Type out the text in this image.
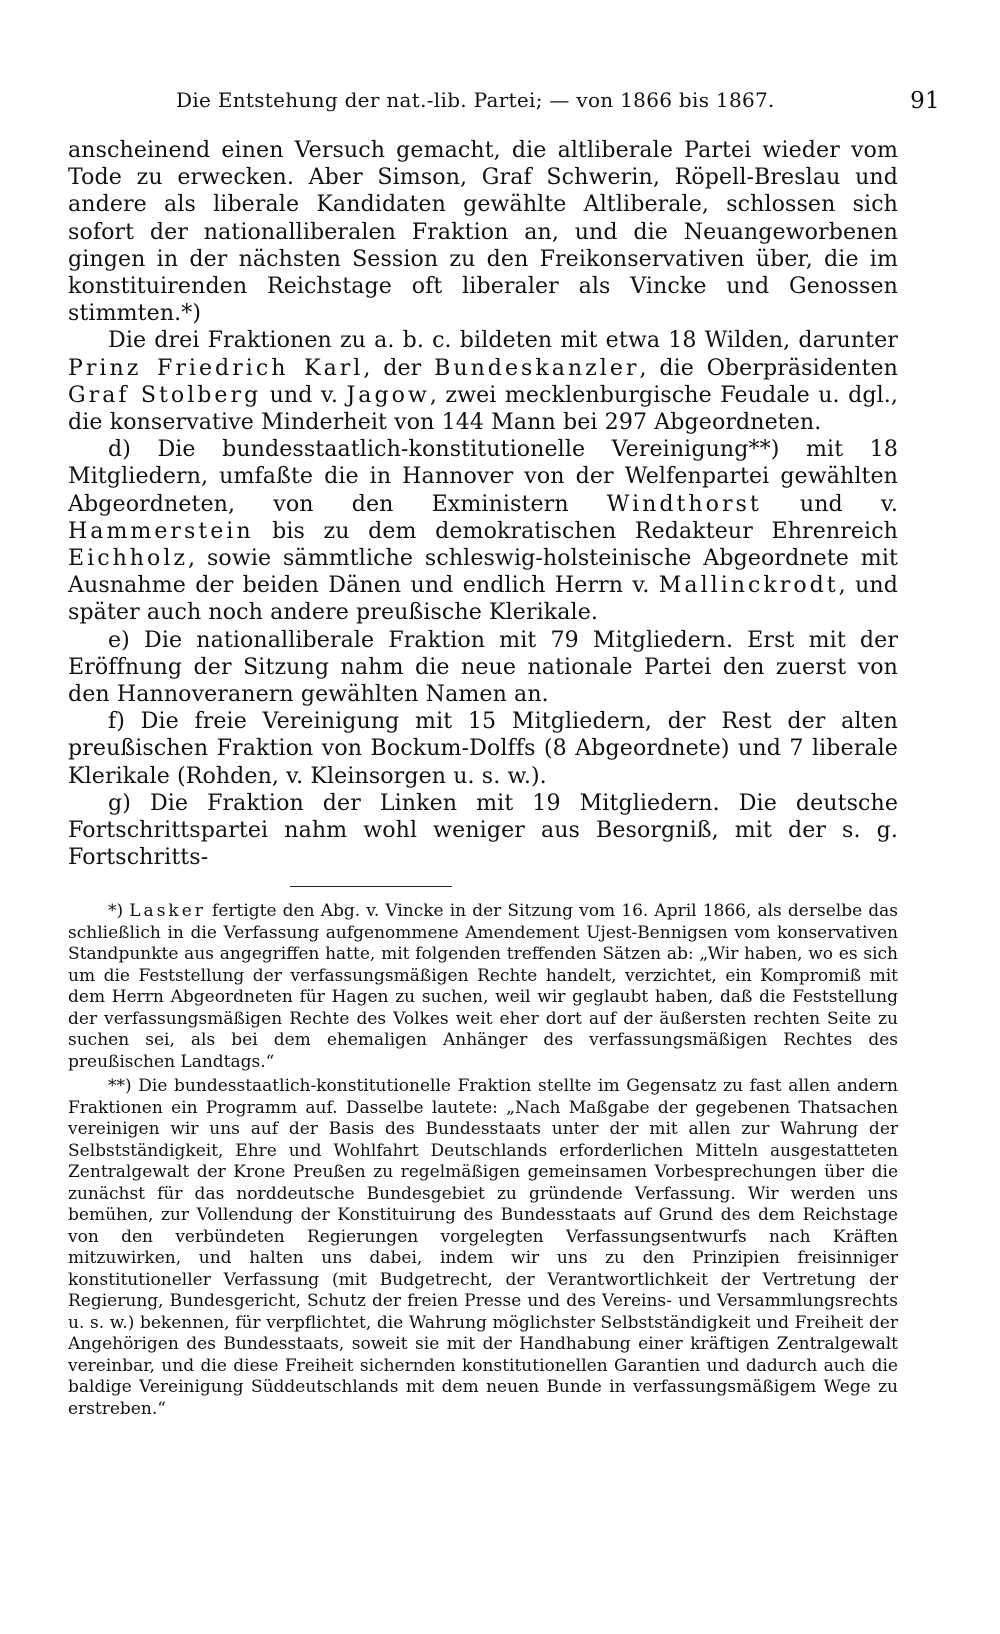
Die Entstehung der nat.-lib. Partei; — von 1866 bis 1867.	91

anscheinend einen Versuch gemacht, die altliberale Partei wieder vom Tode zu erwecken. Aber Simson, Graf Schwerin, Röpell-Breslau und andere als liberale Kandidaten gewählte Altliberale, schlossen sich sofort der nationalliberalen Fraktion an, und die Neuangeworbenen gingen in der nächsten Session zu den Freikonservativen über, die im konstituirenden Reichstage oft liberaler als Vincke und Genossen stimmten.*)

Die drei Fraktionen zu a. b. c. bildeten mit etwa 18 Wilden, darunter Prinz Friedrich Karl, der Bundeskanzler, die Oberpräsidenten Graf Stolberg und v. Jagow, zwei mecklenburgische Feudale u. dgl., die konservative Minderheit von 144 Mann bei 297 Abgeordneten.

d) Die bundesstaatlich-konstitutionelle Vereinigung**) mit 18 Mitgliedern, umfaßte die in Hannover von der Welfenpartei gewählten Abgeordneten, von den Exministern Windthorst und v. Hammerstein bis zu dem demokratischen Redakteur Ehrenreich Eichholz, sowie sämmtliche schleswig-holsteinische Abgeordnete mit Ausnahme der beiden Dänen und endlich Herrn v. Mallinckrodt, und später auch noch andere preußische Klerikale.

e) Die nationalliberale Fraktion mit 79 Mitgliedern. Erst mit der Eröffnung der Sitzung nahm die neue nationale Partei den zuerst von den Hannoveranern gewählten Namen an.

f) Die freie Vereinigung mit 15 Mitgliedern, der Rest der alten preußischen Fraktion von Bockum-Dolffs (8 Abgeordnete) und 7 liberale Klerikale (Rohden, v. Kleinsorgen u. s. w.).

g) Die Fraktion der Linken mit 19 Mitgliedern. Die deutsche Fortschrittspartei nahm wohl weniger aus Besorgniß, mit der s. g. Fortschritts-

*) Lasker fertigte den Abg. v. Vincke in der Sitzung vom 16. April 1866, als derselbe das schließlich in die Verfassung aufgenommene Amendement Ujest-Bennigsen vom konservativen Standpunkte aus angegriffen hatte, mit folgenden treffenden Sätzen ab: „Wir haben, wo es sich um die Feststellung der verfassungsmäßigen Rechte handelt, verzichtet, ein Kompromiß mit dem Herrn Abgeordneten für Hagen zu suchen, weil wir geglaubt haben, daß die Feststellung der verfassungsmäßigen Rechte des Volkes weit eher dort auf der äußersten rechten Seite zu suchen sei, als bei dem ehemaligen Anhänger des verfassungsmäßigen Rechtes des preußischen Landtags.“

**) Die bundesstaatlich-konstitutionelle Fraktion stellte im Gegensatz zu fast allen andern Fraktionen ein Programm auf. Dasselbe lautete: „Nach Maßgabe der gegebenen Thatsachen vereinigen wir uns auf der Basis des Bundesstaats unter der mit allen zur Wahrung der Selbstständigkeit, Ehre und Wohlfahrt Deutschlands erforderlichen Mitteln ausgestatteten Zentralgewalt der Krone Preußen zu regelmäßigen gemeinsamen Vorbesprechungen über die zunächst für das norddeutsche Bundesgebiet zu gründende Verfassung. Wir werden uns bemühen, zur Vollendung der Konstituirung des Bundesstaats auf Grund des dem Reichstage von den verbündeten Regierungen vorgelegten Verfassungsentwurfs nach Kräften mitzuwirken, und halten uns dabei, indem wir uns zu den Prinzipien freisinniger konstitutioneller Verfassung (mit Budgetrecht, der Verantwortlichkeit der Vertretung der Regierung, Bundesgericht, Schutz der freien Presse und des Vereins- und Versammlungsrechts u. s. w.) bekennen, für verpflichtet, die Wahrung möglichster Selbstständigkeit und Freiheit der Angehörigen des Bundesstaats, soweit sie mit der Handhabung einer kräftigen Zentralgewalt vereinbar, und die diese Freiheit sichernden konstitutionellen Garantien und dadurch auch die baldige Vereinigung Süddeutschlands mit dem neuen Bunde in verfassungsmäßigem Wege zu erstreben.“
